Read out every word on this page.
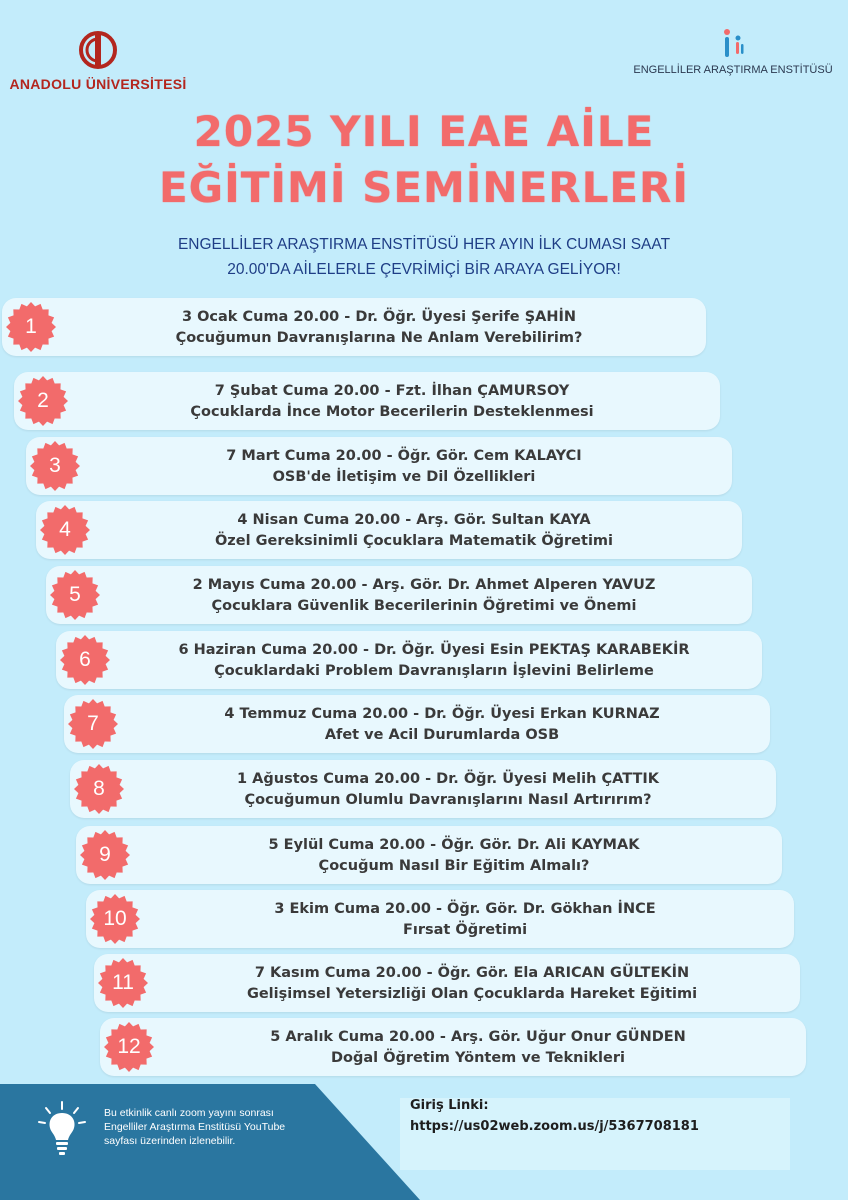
ANADOLU ÜNİVERSİTESİ
ENGELLİLER ARAŞTIRMA ENSTİTÜSÜ
2025 YILI EAE AİLE
EĞİTİMİ SEMİNERLERİ
ENGELLİLER ARAŞTIRMA ENSTİTÜSÜ HER AYIN İLK CUMASI SAAT
20.00'DA AİLELERLE ÇEVRİMİÇİ BİR ARAYA GELİYOR!
1	3 Ocak Cuma 20.00 - Dr. Öğr. Üyesi Şerife ŞAHİN
Çocuğumun Davranışlarına Ne Anlam Verebilirim?
2	7 Şubat Cuma 20.00 - Fzt. İlhan ÇAMURSOY
Çocuklarda İnce Motor Becerilerin Desteklenmesi
3	7 Mart Cuma 20.00 - Öğr. Gör. Cem KALAYCI
OSB'de İletişim ve Dil Özellikleri
4	4 Nisan Cuma 20.00 - Arş. Gör. Sultan KAYA
Özel Gereksinimli Çocuklara Matematik Öğretimi
5	2 Mayıs Cuma 20.00 - Arş. Gör. Dr. Ahmet Alperen YAVUZ
Çocuklara Güvenlik Becerilerinin Öğretimi ve Önemi
6	6 Haziran Cuma 20.00 - Dr. Öğr. Üyesi Esin PEKTAŞ KARABEKİR
Çocuklardaki Problem Davranışların İşlevini Belirleme
7	4 Temmuz Cuma 20.00 - Dr. Öğr. Üyesi Erkan KURNAZ
Afet ve Acil Durumlarda OSB
8	1 Ağustos Cuma 20.00 - Dr. Öğr. Üyesi Melih ÇATTIK
Çocuğumun Olumlu Davranışlarını Nasıl Artırırım?
9	5 Eylül Cuma 20.00 - Öğr. Gör. Dr. Ali KAYMAK
Çocuğum Nasıl Bir Eğitim Almalı?
10	3 Ekim Cuma 20.00 - Öğr. Gör. Dr. Gökhan İNCE
Fırsat Öğretimi
11	7 Kasım Cuma 20.00 - Öğr. Gör. Ela ARICAN GÜLTEKİN
Gelişimsel Yetersizliği Olan Çocuklarda Hareket Eğitimi
12	5 Aralık Cuma 20.00 - Arş. Gör. Uğur Onur GÜNDEN
Doğal Öğretim Yöntem ve Teknikleri
Bu etkinlik canlı zoom yayını sonrası
Engelliler Araştırma Enstitüsü YouTube
sayfası üzerinden izlenebilir.
Giriş Linki:
https://us02web.zoom.us/j/5367708181
